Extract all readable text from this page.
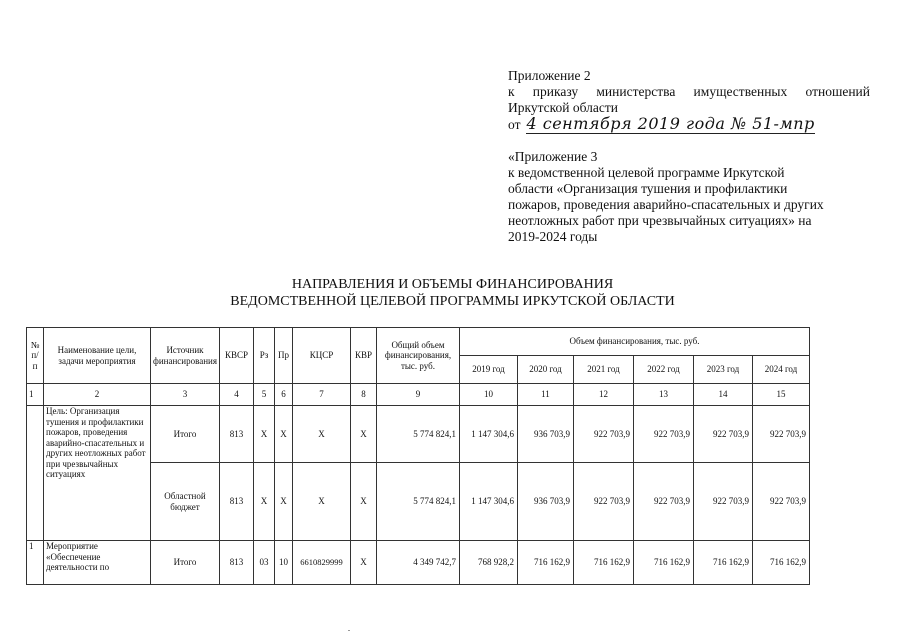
Приложение 2
к приказу министерства имущественных отношений
Иркутской области
от 4 сентября 2019 года № 51-мпр
«Приложение 3
к ведомственной целевой программе Иркутской
области «Организация тушения и профилактики
пожаров, проведения аварийно-спасательных и других
неотложных работ при чрезвычайных ситуациях» на
2019-2024 годы
НАПРАВЛЕНИЯ И ОБЪЕМЫ ФИНАНСИРОВАНИЯ
ВЕДОМСТВЕННОЙ ЦЕЛЕВОЙ ПРОГРАММЫ ИРКУТСКОЙ ОБЛАСТИ
№ п/п	Наименование цели, задачи мероприятия	Источник финансирования	КВСР	Рз	Пр	КЦСР	КВР	Общий объем финансирования, тыс. руб.	Объем финансирования, тыс. руб.					
									2019 год	2020 год	2021 год	2022 год	2023 год	2024 год
1	2	3	4	5	6	7	8	9	10	11	12	13	14	15
	Цель: Организация тушения и профилактики пожаров, проведения аварийно-спасательных и других неотложных работ при чрезвычайных ситуациях	Итого	813	X	X	X	X	5 774 824,1	1 147 304,6	936 703,9	922 703,9	922 703,9	922 703,9	922 703,9
		Областной бюджет	813	X	X	X	X	5 774 824,1	1 147 304,6	936 703,9	922 703,9	922 703,9	922 703,9	922 703,9
1	Мероприятие «Обеспечение деятельности по	Итого	813	03	10	6610829999	X	4 349 742,7	768 928,2	716 162,9	716 162,9	716 162,9	716 162,9	716 162,9
